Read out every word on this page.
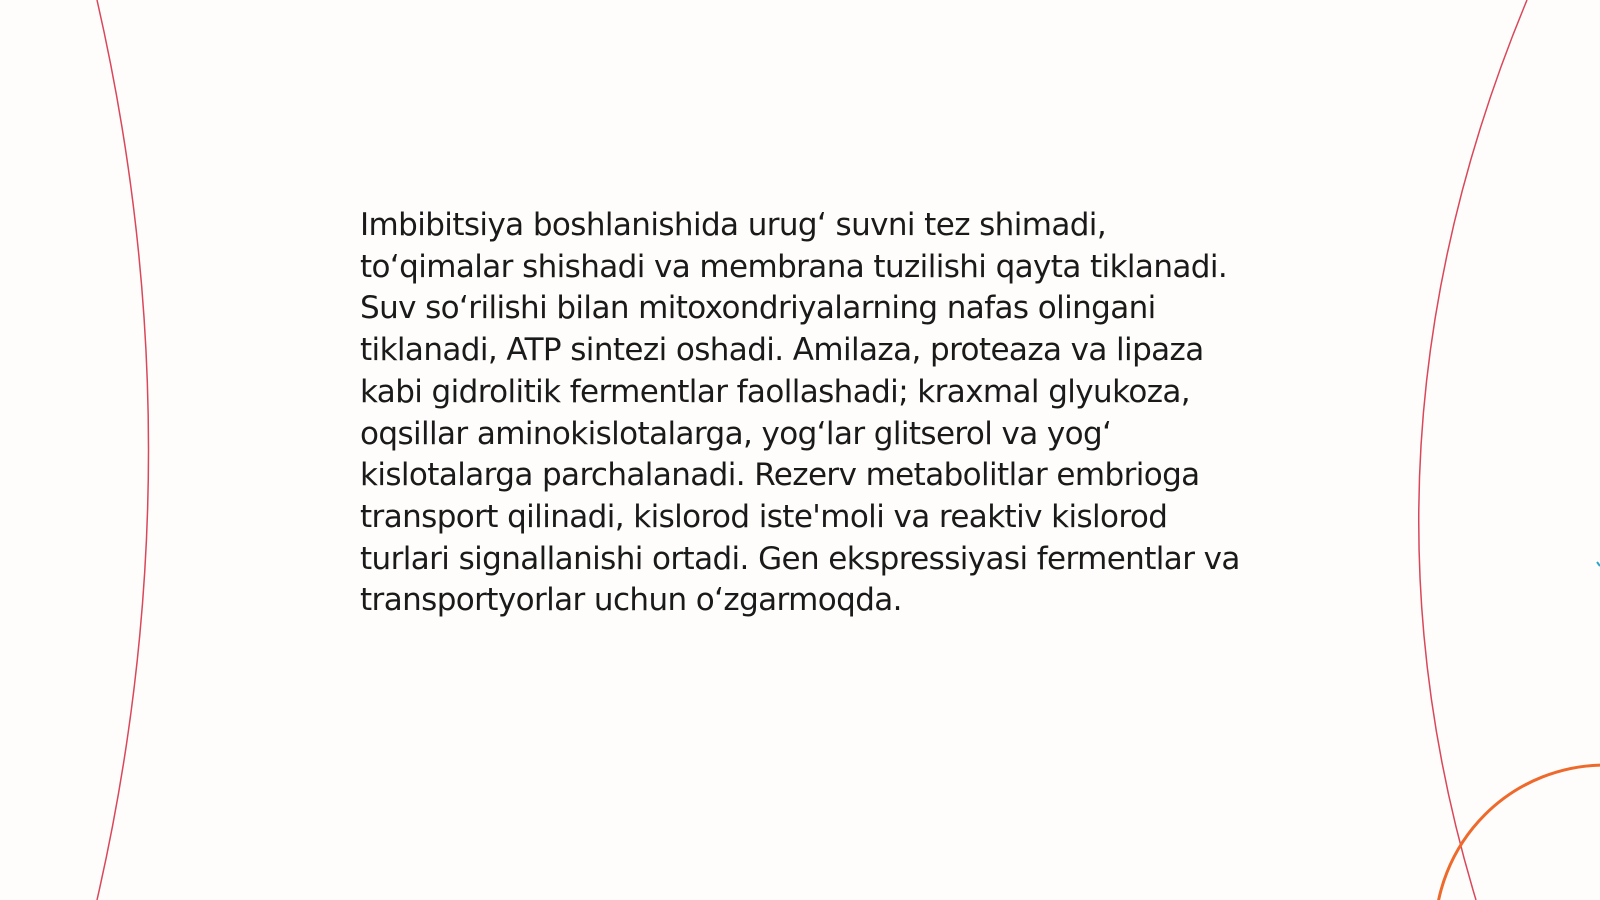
Imbibitsiya boshlanishida urugʻ suvni tez shimadi, toʻqimalar shishadi va membrana tuzilishi qayta tiklanadi. Suv soʻrilishi bilan mitoxondriyalarning nafas olingani tiklanadi, ATP sintezi oshadi. Amilaza, proteaza va lipaza kabi gidrolitik fermentlar faollashadi; kraxmal glyukoza, oqsillar aminokislotalarga, yogʻlar glitserol va yogʻ kislotalarga parchalanadi. Rezerv metabolitlar embrioga transport qilinadi, kislorod iste'moli va reaktiv kislorod turlari signallanishi ortadi. Gen ekspressiyasi fermentlar va transportyorlar uchun oʻzgarmoqda.
